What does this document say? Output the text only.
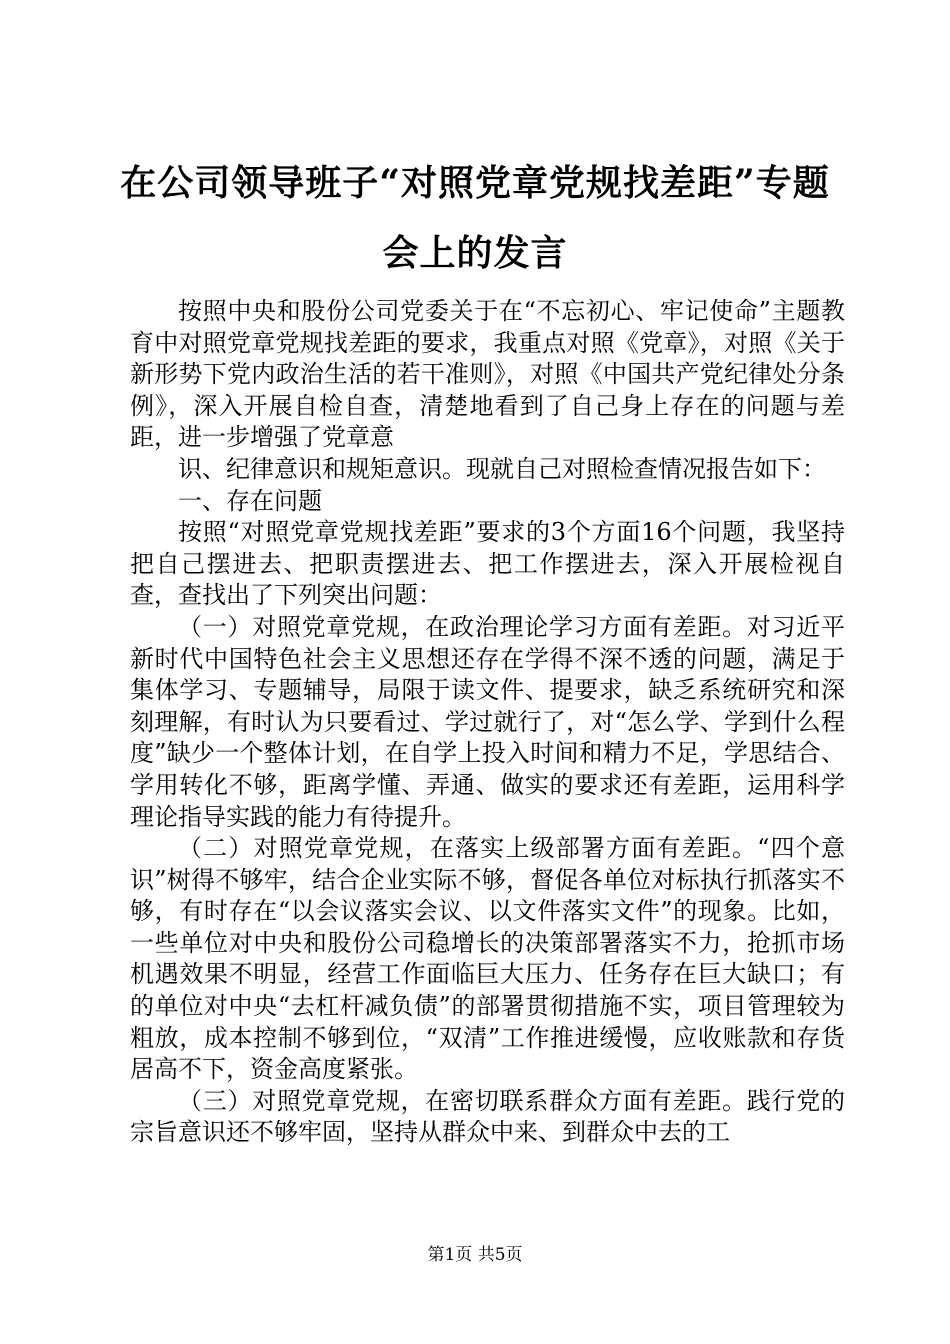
在公司领导班子“对照党章党规找差距”专题
会上的发言

按照中央和股份公司党委关于在“不忘初心、牢记使命”主题教育中对照党章党规找差距的要求，我重点对照《党章》，对照《关于新形势下党内政治生活的若干准则》，对照《中国共产党纪律处分条例》，深入开展自检自查，清楚地看到了自己身上存在的问题与差距，进一步增强了党章意

识、纪律意识和规矩意识。现就自己对照检查情况报告如下：

一、存在问题

按照“对照党章党规找差距”要求的3个方面16个问题，我坚持把自己摆进去、把职责摆进去、把工作摆进去，深入开展检视自查，查找出了下列突出问题：

（一）对照党章党规，在政治理论学习方面有差距。对习近平新时代中国特色社会主义思想还存在学得不深不透的问题，满足于集体学习、专题辅导，局限于读文件、提要求，缺乏系统研究和深刻理解，有时认为只要看过、学过就行了，对“怎么学、学到什么程度”缺少一个整体计划，在自学上投入时间和精力不足，学思结合、学用转化不够，距离学懂、弄通、做实的要求还有差距，运用科学理论指导实践的能力有待提升。

（二）对照党章党规，在落实上级部署方面有差距。“四个意识”树得不够牢，结合企业实际不够，督促各单位对标执行抓落实不够，有时存在“以会议落实会议、以文件落实文件”的现象。比如，一些单位对中央和股份公司稳增长的决策部署落实不力，抢抓市场机遇效果不明显，经营工作面临巨大压力、任务存在巨大缺口；有的单位对中央“去杠杆减负债”的部署贯彻措施不实，项目管理较为粗放，成本控制不够到位，“双清”工作推进缓慢，应收账款和存货居高不下，资金高度紧张。

（三）对照党章党规，在密切联系群众方面有差距。践行党的宗旨意识还不够牢固，坚持从群众中来、到群众中去的工

第1页 共5页
